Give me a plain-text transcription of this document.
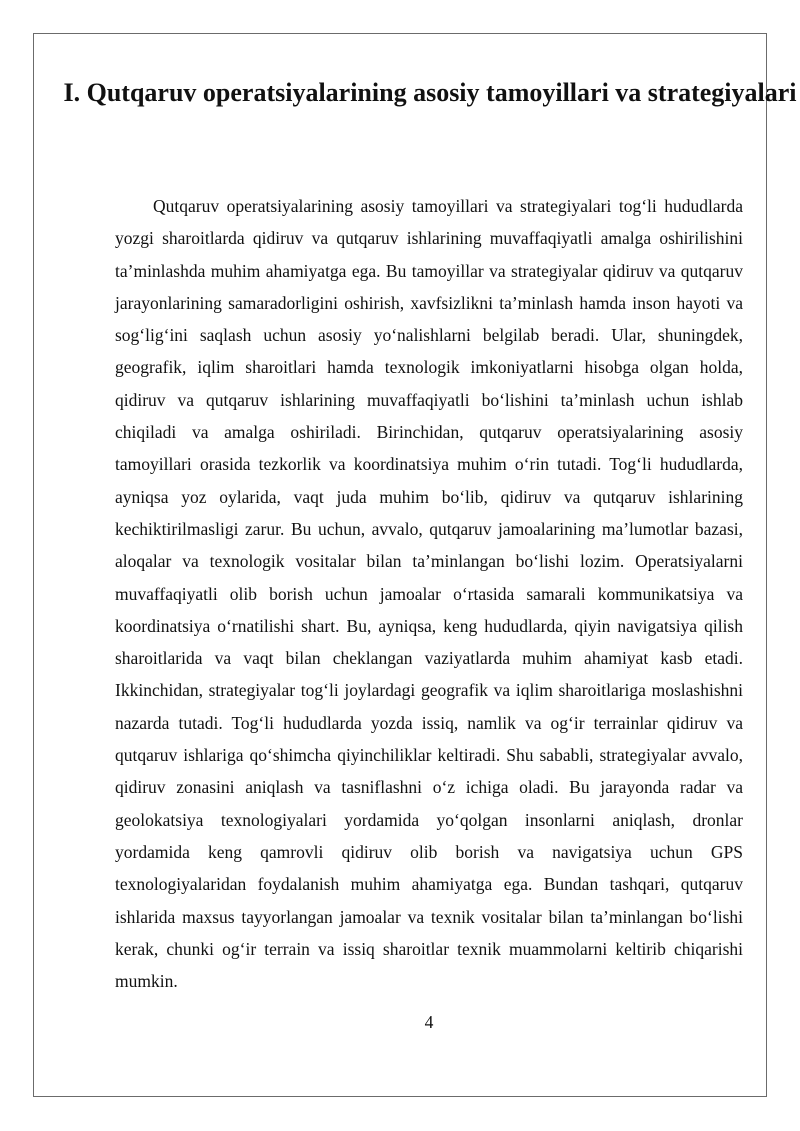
I. Qutqaruv operatsiyalarining asosiy tamoyillari va strategiyalari

Qutqaruv operatsiyalarining asosiy tamoyillari va strategiyalari tog‘li hududlarda yozgi sharoitlarda qidiruv va qutqaruv ishlarining muvaffaqiyatli amalga oshirilishini ta’minlashda muhim ahamiyatga ega. Bu tamoyillar va strategiyalar qidiruv va qutqaruv jarayonlarining samaradorligini oshirish, xavfsizlikni ta’minlash hamda inson hayoti va sog‘lig‘ini saqlash uchun asosiy yo‘nalishlarni belgilab beradi. Ular, shuningdek, geografik, iqlim sharoitlari hamda texnologik imkoniyatlarni hisobga olgan holda, qidiruv va qutqaruv ishlarining muvaffaqiyatli bo‘lishini ta’minlash uchun ishlab chiqiladi va amalga oshiriladi. Birinchidan, qutqaruv operatsiyalarining asosiy tamoyillari orasida tezkorlik va koordinatsiya muhim o‘rin tutadi. Tog‘li hududlarda, ayniqsa yoz oylarida, vaqt juda muhim bo‘lib, qidiruv va qutqaruv ishlarining kechiktirilmasligi zarur. Bu uchun, avvalo, qutqaruv jamoalarining ma’lumotlar bazasi, aloqalar va texnologik vositalar bilan ta’minlangan bo‘lishi lozim. Operatsiyalarni muvaffaqiyatli olib borish uchun jamoalar o‘rtasida samarali kommunikatsiya va koordinatsiya o‘rnatilishi shart. Bu, ayniqsa, keng hududlarda, qiyin navigatsiya qilish sharoitlarida va vaqt bilan cheklangan vaziyatlarda muhim ahamiyat kasb etadi. Ikkinchidan, strategiyalar tog‘li joylardagi geografik va iqlim sharoitlariga moslashishni nazarda tutadi. Tog‘li hududlarda yozda issiq, namlik va og‘ir terrainlar qidiruv va qutqaruv ishlariga qo‘shimcha qiyinchiliklar keltiradi. Shu sababli, strategiyalar avvalo, qidiruv zonasini aniqlash va tasniflashni o‘z ichiga oladi. Bu jarayonda radar va geolokatsiya texnologiyalari yordamida yo‘qolgan insonlarni aniqlash, dronlar yordamida keng qamrovli qidiruv olib borish va navigatsiya uchun GPS texnologiyalaridan foydalanish muhim ahamiyatga ega. Bundan tashqari, qutqaruv ishlarida maxsus tayyorlangan jamoalar va texnik vositalar bilan ta’minlangan bo‘lishi kerak, chunki og‘ir terrain va issiq sharoitlar texnik muammolarni keltirib chiqarishi mumkin.

4
